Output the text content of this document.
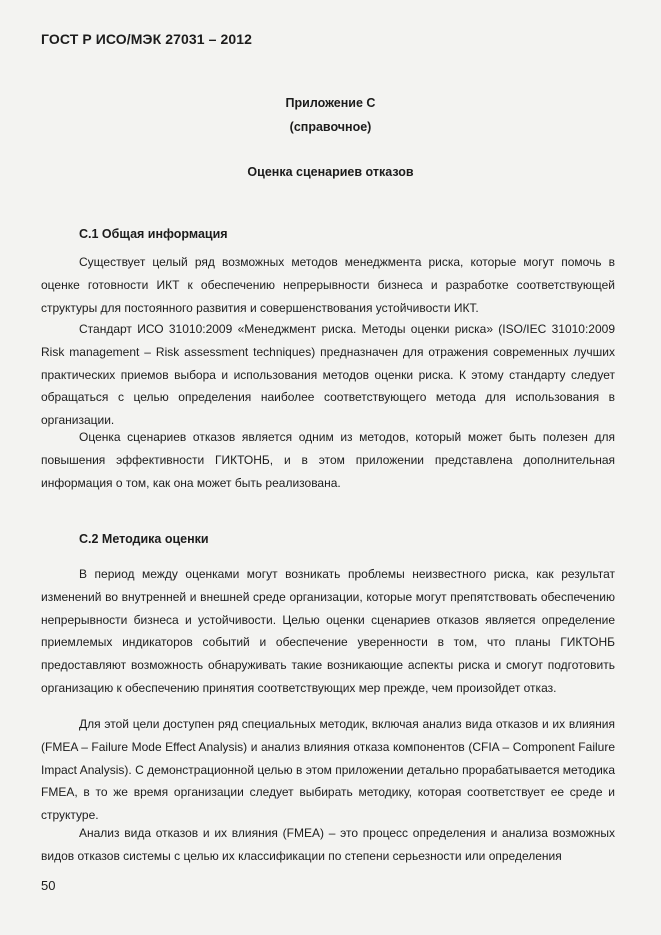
ГОСТ Р ИСО/МЭК 27031 – 2012
Приложение С
(справочное)
Оценка сценариев отказов
С.1 Общая информация

Существует целый ряд возможных методов менеджмента риска, которые могут помочь в оценке готовности ИКТ к обеспечению непрерывности бизнеса и разработке соответствующей структуры для постоянного развития и совершенствования устойчивости ИКТ.

Стандарт ИСО 31010:2009 «Менеджмент риска. Методы оценки риска» (ISO/IEC 31010:2009 Risk management – Risk assessment techniques) предназначен для отражения современных лучших практических приемов выбора и использования методов оценки риска. К этому стандарту следует обращаться с целью определения наиболее соответствующего метода для использования в организации.

Оценка сценариев отказов является одним из методов, который может быть полезен для повышения эффективности ГИКТОНБ, и в этом приложении представлена дополнительная информация о том, как она может быть реализована.

С.2 Методика оценки

В период между оценками могут возникать проблемы неизвестного риска, как результат изменений во внутренней и внешней среде организации, которые могут препятствовать обеспечению непрерывности бизнеса и устойчивости. Целью оценки сценариев отказов является определение приемлемых индикаторов событий и обеспечение уверенности в том, что планы ГИКТОНБ предоставляют возможность обнаруживать такие возникающие аспекты риска и смогут подготовить организацию к обеспечению принятия соответствующих мер прежде, чем произойдет отказ.

Для этой цели доступен ряд специальных методик, включая анализ вида отказов и их влияния (FMEA – Failure Mode Effect Analysis) и анализ влияния отказа компонентов (CFIA – Component Failure Impact Analysis). С демонстрационной целью в этом приложении детально прорабатывается методика FMEA, в то же время организации следует выбирать методику, которая соответствует ее среде и структуре.

Анализ вида отказов и их влияния (FMEA) – это процесс определения и анализа возможных видов отказов системы с целью их классификации по степени серьезности или определения

50
